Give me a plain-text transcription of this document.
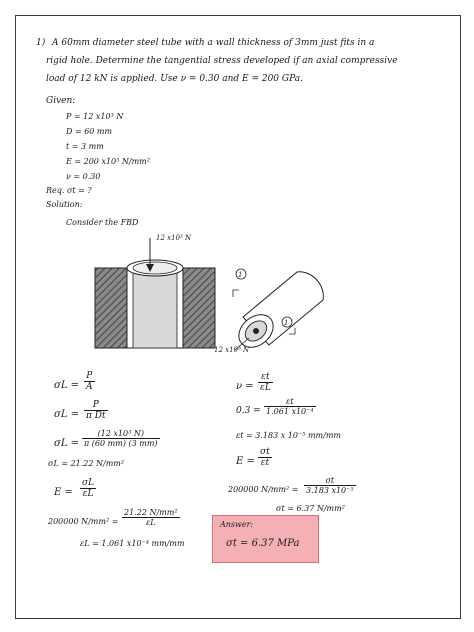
1) A 60mm diameter steel tube with a wall thickness of 3mm just fits in a
rigid hole. Determine the tangential stress developed if an axial compressive
load of 12 kN is applied. Use ν = 0.30 and E = 200 GPa.
Given:
P = 12 x10³ N
D = 60 mm
t = 3 mm
E = 200 x10³ N/mm²
ν = 0.30
Req. σt = ?
Solution:
Consider the FBD
12 x10³ N
1
1
12 x10³ N
σL =
P
A
σL =
P
π Dt
σL =
(12 x10³ N)
π (60 mm) (3 mm)
σL = 21.22 N/mm²
E =
σL
εL
200000 N/mm² =
21.22 N/mm²
εL
εL = 1.061 x10⁻⁴ mm/mm
ν =
εt
εL
0.3 =
εt
1.061 x10⁻⁴
εt = 3.183 x 10⁻⁵ mm/mm
E =
σt
εt
200000 N/mm² =
σt
3.183 x10⁻⁵
σt = 6.37 N/mm²
Answer:
σt = 6.37 MPa
